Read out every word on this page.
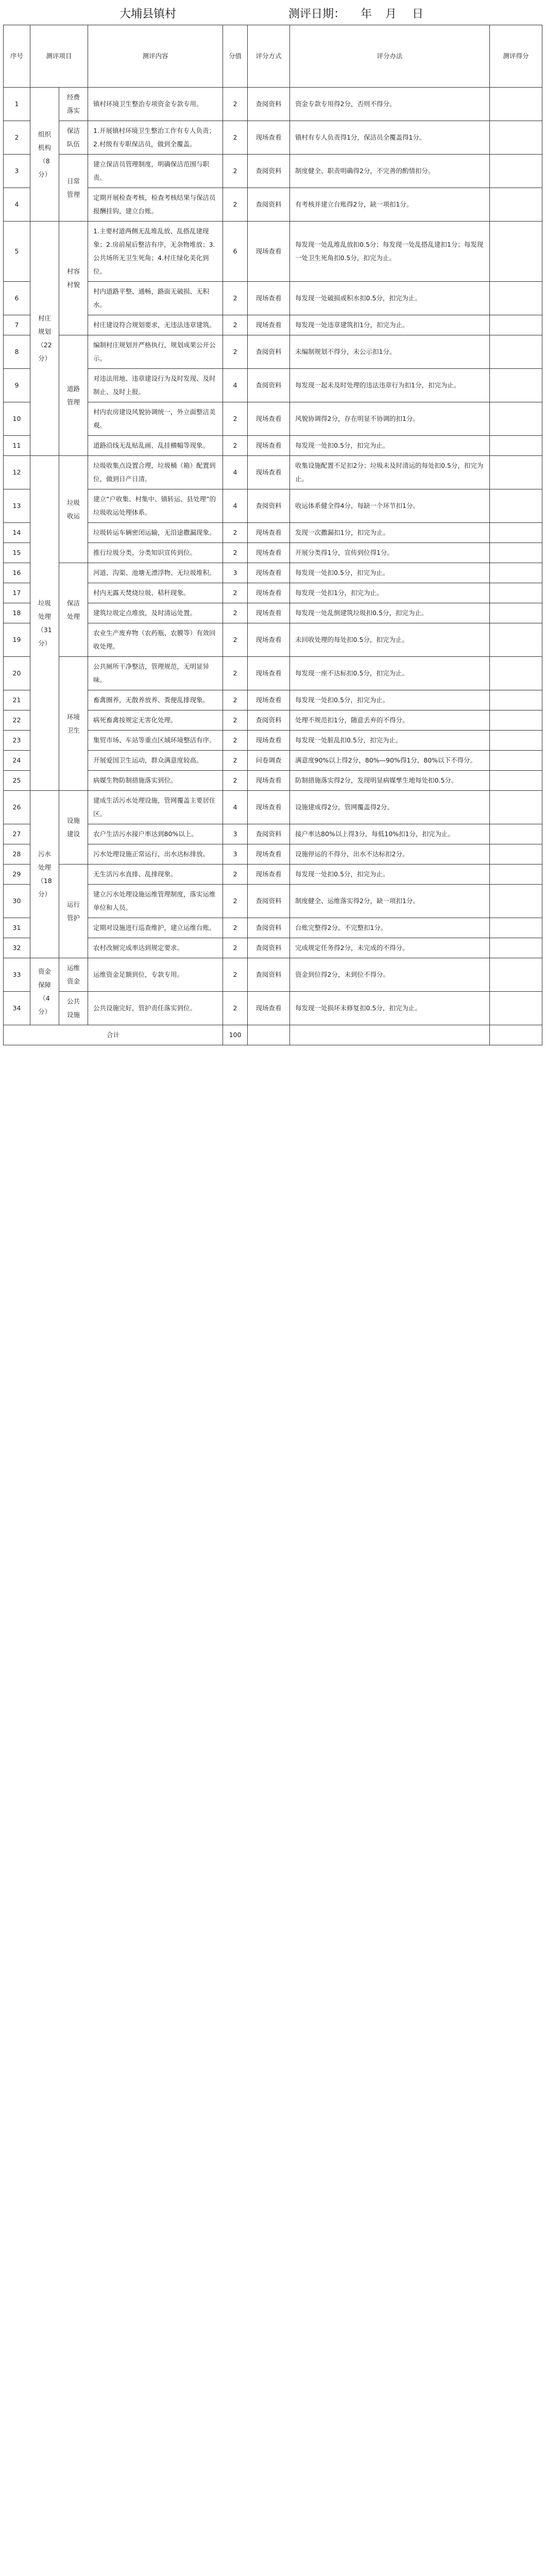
大埔县镇村	测评日期： 年 月 日
序号	测评项目		测评内容	分值	评分方式	评分办法	测评得分
1	组织机构（8分）	经费落实	镇村环境卫生整治专项资金专款专用。	2	查阅资料	资金专款专用得2分，否则不得分。	
2		保洁队伍	1.开展镇村环境卫生整治工作有专人负责；2.村级有专职保洁员，做到全覆盖。	2	现场查看	镇村有专人负责得1分，保洁员全覆盖得1分。	
3		日常管理	建立保洁员管理制度，明确保洁范围与职责。	2	查阅资料	制度健全、职责明确得2分，不完善的酌情扣分。	
4			定期开展检查考核，检查考核结果与保洁员报酬挂钩，建立台账。	2	查阅资料	有考核并建立台账得2分，缺一项扣1分。	
5	村庄规划（22分）	村容村貌	1.主要村道两侧无乱堆乱放、乱搭乱建现象；2.房前屋后整洁有序，无杂物堆放；3.公共场所无卫生死角；4.村庄绿化美化到位。	6	现场查看	每发现一处乱堆乱放扣0.5分；每发现一处乱搭乱建扣1分；每发现一处卫生死角扣0.5分，扣完为止。	
6			村内道路平整、通畅，路面无破损、无积水。	2	现场查看	每发现一处破损或积水扣0.5分，扣完为止。	
7			村庄建设符合规划要求，无违法违章建筑。	2	现场查看	每发现一处违章建筑扣1分，扣完为止。	
8		道路管理	编制村庄规划并严格执行，规划成果公开公示。	2	查阅资料	未编制规划不得分，未公示扣1分。	
9			对违法用地、违章建设行为及时发现、及时制止、及时上报。	4	查阅资料	每发现一起未及时处理的违法违章行为扣1分，扣完为止。	
10			村内农房建设风貌协调统一，外立面整洁美观。	2	现场查看	风貌协调得2分，存在明显不协调的扣1分。	
11			道路沿线无乱贴乱画、乱挂横幅等现象。	2	现场查看	每发现一处扣0.5分，扣完为止。	
12	垃圾处理（31分）	垃圾收运	垃圾收集点设置合理，垃圾桶（箱）配置到位，做到日产日清。	4	现场查看	收集设施配置不足扣2分；垃圾未及时清运的每处扣0.5分，扣完为止。	
13			建立“户收集、村集中、镇转运、县处理”的垃圾收运处理体系。	4	查阅资料	收运体系健全得4分，每缺一个环节扣1分。	
14			垃圾转运车辆密闭运输，无沿途撒漏现象。	2	现场查看	发现一次撒漏扣1分，扣完为止。	
15			推行垃圾分类，分类知识宣传到位。	2	现场查看	开展分类得1分，宣传到位得1分。	
16		保洁处理	河道、沟渠、池塘无漂浮物、无垃圾堆积。	3	现场查看	每发现一处扣0.5分，扣完为止。	
17			村内无露天焚烧垃圾、秸秆现象。	2	现场查看	每发现一处扣1分，扣完为止。	
18			建筑垃圾定点堆放，及时清运处置。	2	现场查看	每发现一处乱倒建筑垃圾扣0.5分，扣完为止。	
19			农业生产废弃物（农药瓶、农膜等）有效回收处理。	2	现场查看	未回收处理的每处扣0.5分，扣完为止。	
20		环境卫生	公共厕所干净整洁，管理规范，无明显异味。	2	现场查看	每发现一座不达标扣0.5分，扣完为止。	
21			畜禽圈养，无散养放养、粪便乱排现象。	2	现场查看	每发现一处扣0.5分，扣完为止。	
22			病死畜禽按规定无害化处理。	2	查阅资料	处理不规范扣1分，随意丢弃的不得分。	
23			集贸市场、车站等重点区域环境整洁有序。	2	现场查看	每发现一处脏乱扣0.5分，扣完为止。	
24			开展爱国卫生运动，群众满意度较高。	2	问卷调查	满意度90%以上得2分，80%—90%得1分，80%以下不得分。	
25			病媒生物防制措施落实到位。	2	现场查看	防制措施落实得2分，发现明显病媒孳生地每处扣0.5分。	
26	污水处理（18分）	设施建设	建成生活污水处理设施，管网覆盖主要居住区。	4	现场查看	设施建成得2分，管网覆盖得2分。	
27			农户生活污水接户率达到80%以上。	3	查阅资料	接户率达80%以上得3分，每低10%扣1分，扣完为止。	
28			污水处理设施正常运行，出水达标排放。	3	现场查看	设施停运的不得分，出水不达标扣2分。	
29		运行管护	无生活污水直排、乱排现象。	2	现场查看	每发现一处扣0.5分，扣完为止。	
30			建立污水处理设施运维管理制度，落实运维单位和人员。	2	查阅资料	制度健全、运维落实得2分，缺一项扣1分。	
31			定期对设施进行巡查维护，建立运维台账。	2	查阅资料	台账完整得2分，不完整扣1分。	
32			农村改厕完成率达到规定要求。	2	查阅资料	完成规定任务得2分，未完成的不得分。	
33	资金保障（4分）	运维资金	运维资金足额到位，专款专用。	2	查阅资料	资金到位得2分，未到位不得分。	
34		公共设施	公共设施完好，管护责任落实到位。	2	现场查看	每发现一处损坏未修复扣0.5分，扣完为止。	
合计				100			
